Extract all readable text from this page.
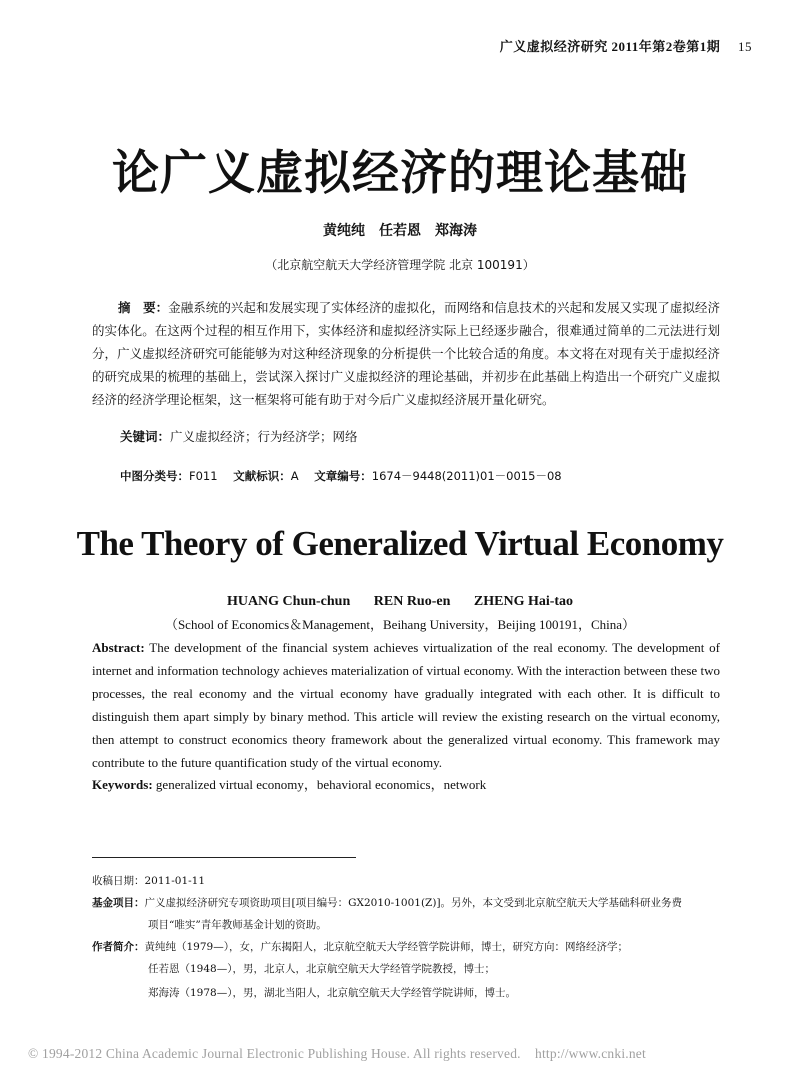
广义虚拟经济研究 2011年第2卷第1期 15
论广义虚拟经济的理论基础
黄纯纯　任若恩　郑海涛
（北京航空航天大学经济管理学院 北京 100191）
摘　要：金融系统的兴起和发展实现了实体经济的虚拟化，而网络和信息技术的兴起和发展又实现了虚拟经济的实体化。在这两个过程的相互作用下，实体经济和虚拟经济实际上已经逐步融合，很难通过简单的二元法进行划分，广义虚拟经济研究可能能够为对这种经济现象的分析提供一个比较合适的角度。本文将在对现有关于虚拟经济的研究成果的梳理的基础上，尝试深入探讨广义虚拟经济的理论基础，并初步在此基础上构造出一个研究广义虚拟经济的经济学理论框架，这一框架将可能有助于对今后广义虚拟经济展开量化研究。
关键词：广义虚拟经济；行为经济学；网络
中图分类号：F011 文献标识：A 文章编号：1674－9448(2011)01－0015－08
The Theory of Generalized Virtual Economy
HUANG Chun-chun REN Ruo-en ZHENG Hai-tao
（School of Economics＆Management，Beihang University，Beijing 100191，China）
Abstract: The development of the financial system achieves virtualization of the real economy. The development of internet and information technology achieves materialization of virtual economy. With the interaction between these two processes, the real economy and the virtual economy have gradually integrated with each other. It is difficult to distinguish them apart simply by binary method. This article will review the existing research on the virtual economy, then attempt to construct economics theory framework about the generalized virtual economy. This framework may contribute to the future quantification study of the virtual economy.
Keywords: generalized virtual economy，behavioral economics，network
收稿日期：2011-01-11
基金项目：广义虚拟经济研究专项资助项目[项目编号：GX2010-1001(Z)]。另外，本文受到北京航空航天大学基础科研业务费
项目“唯实”青年教师基金计划的资助。
作者简介：黄纯纯（1979—），女，广东揭阳人，北京航空航天大学经管学院讲师，博士，研究方向：网络经济学；
任若恩（1948—），男，北京人，北京航空航天大学经管学院教授，博士；
郑海涛（1978—），男，湖北当阳人，北京航空航天大学经管学院讲师，博士。
© 1994-2012 China Academic Journal Electronic Publishing House. All rights reserved.    http://www.cnki.net
